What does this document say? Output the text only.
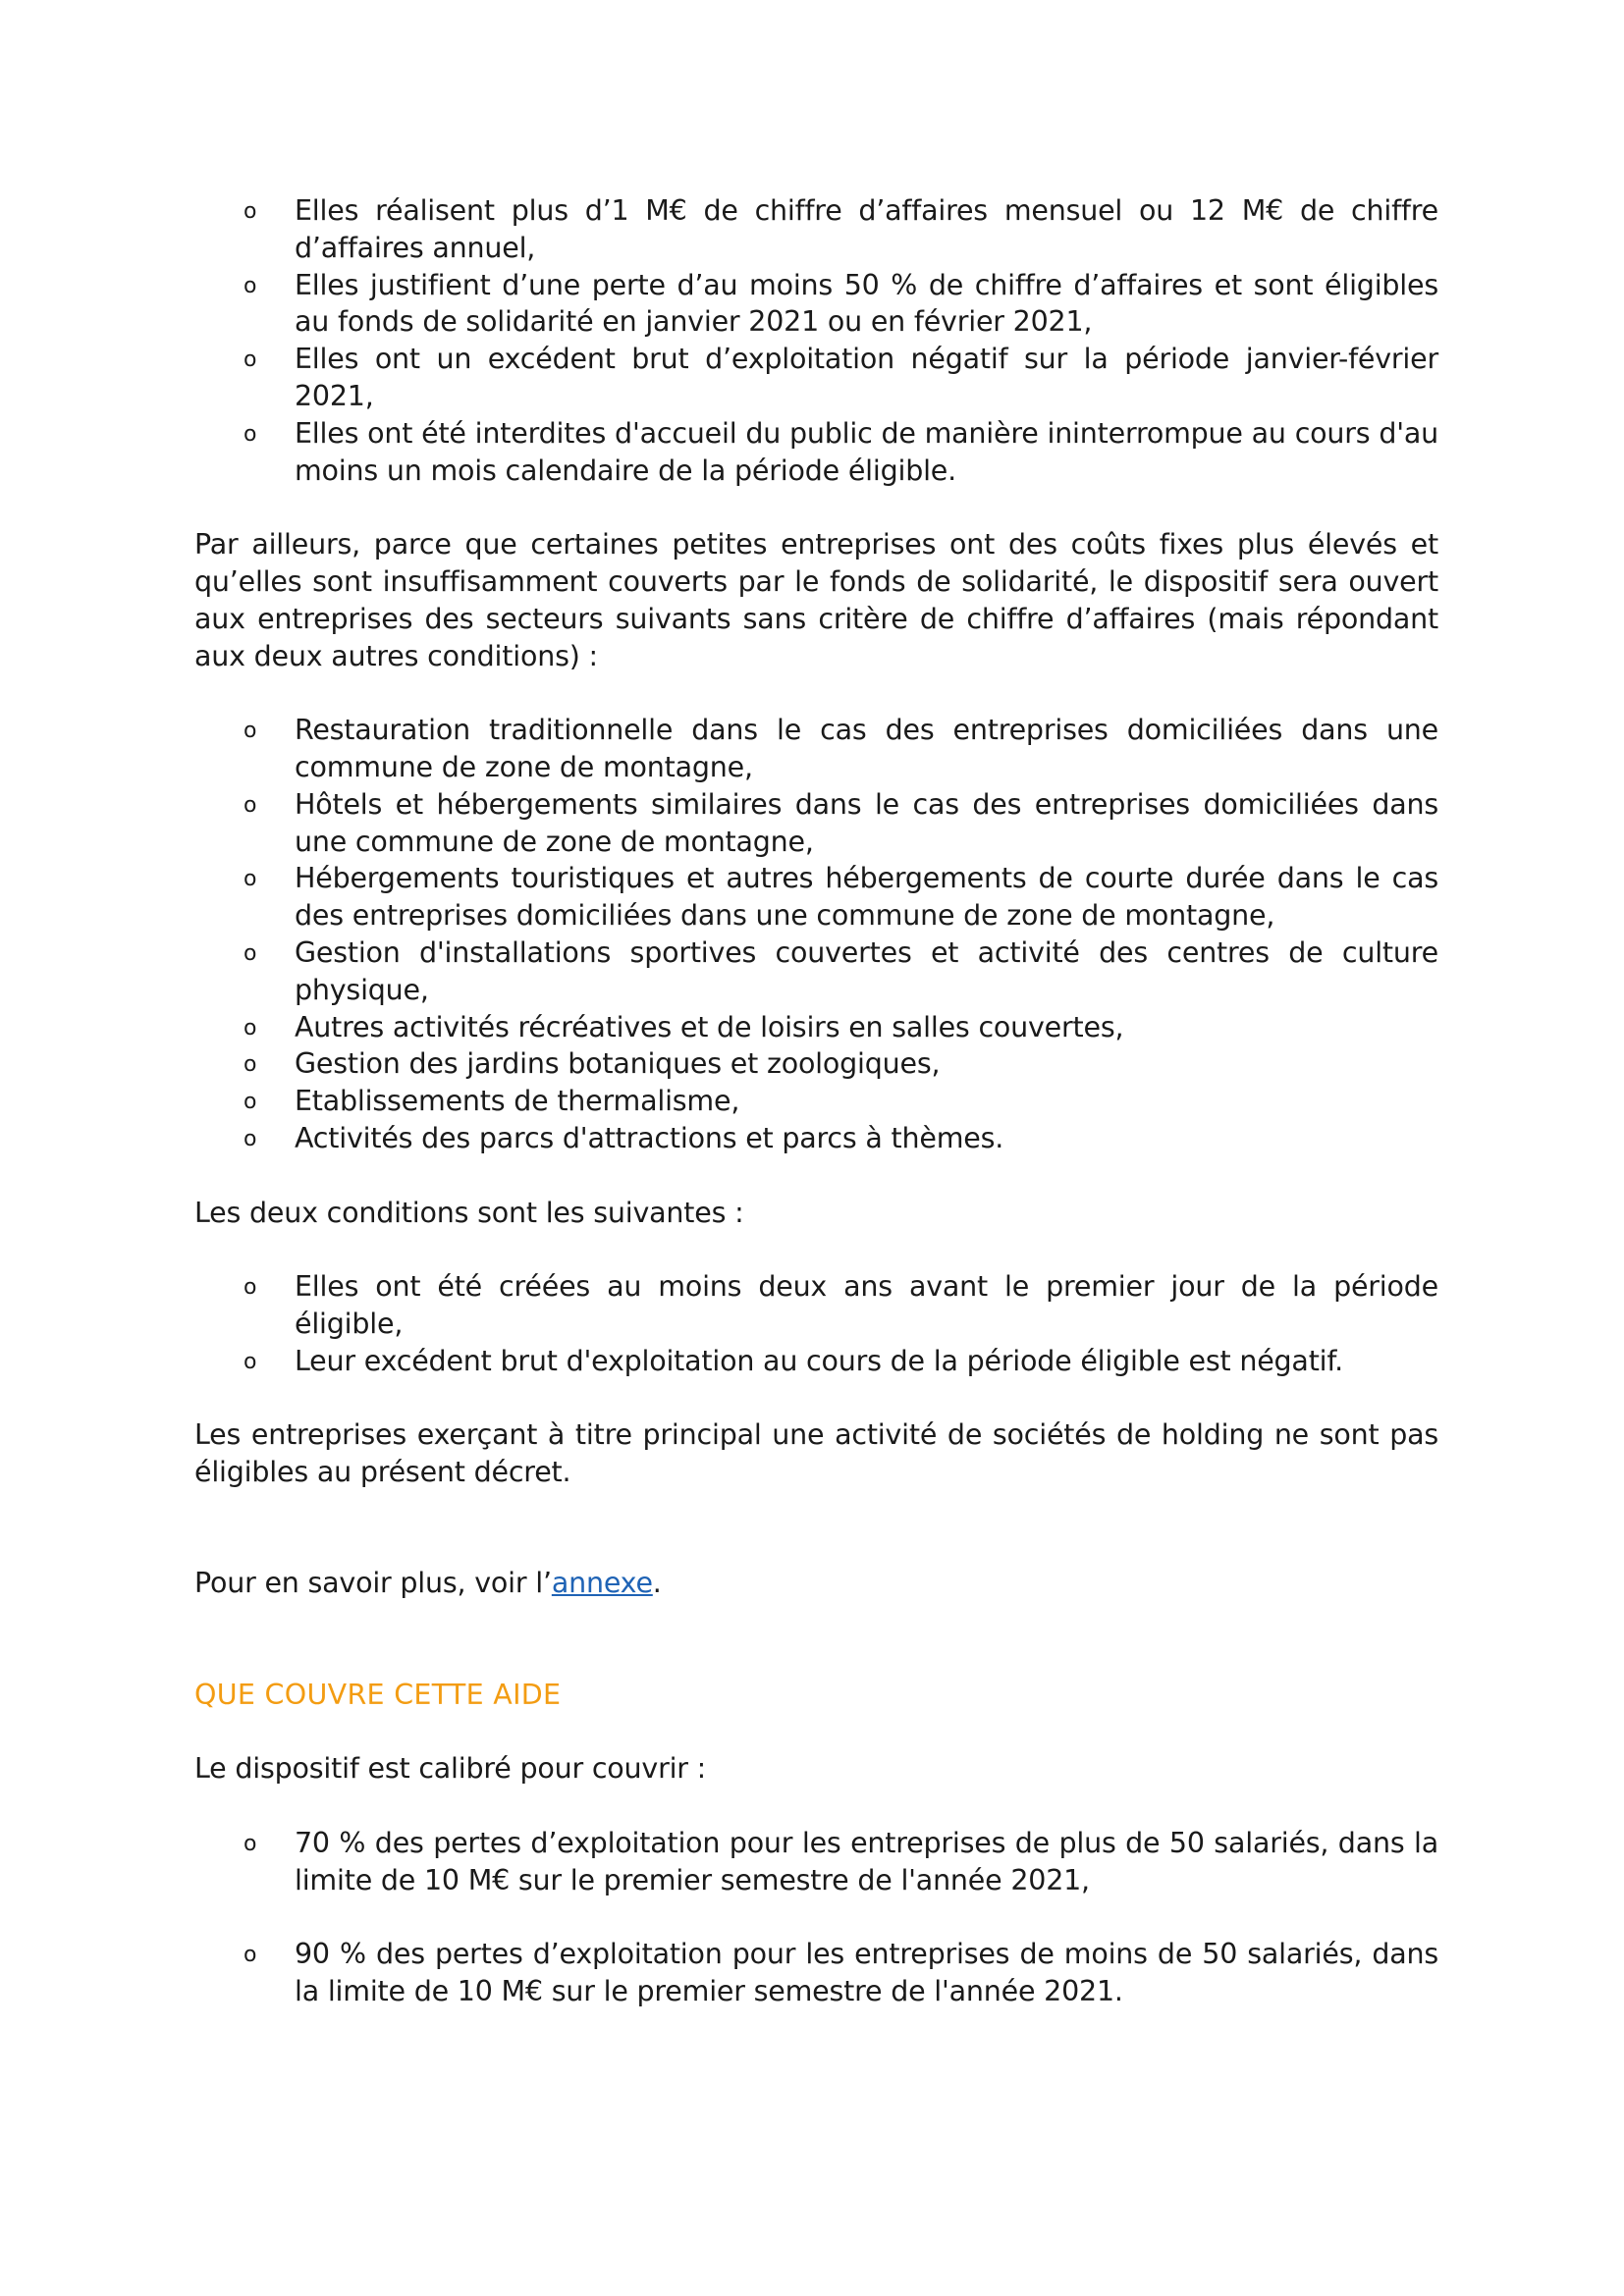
o Elles réalisent plus d’1 M€ de chiffre d’affaires mensuel ou 12 M€ de chiffre d’affaires annuel,
o Elles justifient d’une perte d’au moins 50 % de chiffre d’affaires et sont éligibles au fonds de solidarité en janvier 2021 ou en février 2021,
o Elles ont un excédent brut d’exploitation négatif sur la période janvier-février 2021,
o Elles ont été interdites d'accueil du public de manière ininterrompue au cours d'au moins un mois calendaire de la période éligible.

Par ailleurs, parce que certaines petites entreprises ont des coûts fixes plus élevés et qu’elles sont insuffisamment couverts par le fonds de solidarité, le dispositif sera ouvert aux entreprises des secteurs suivants sans critère de chiffre d’affaires (mais répondant aux deux autres conditions) :

o Restauration traditionnelle dans le cas des entreprises domiciliées dans une commune de zone de montagne,
o Hôtels et hébergements similaires dans le cas des entreprises domiciliées dans une commune de zone de montagne,
o Hébergements touristiques et autres hébergements de courte durée dans le cas des entreprises domiciliées dans une commune de zone de montagne,
o Gestion d'installations sportives couvertes et activité des centres de culture physique,
o Autres activités récréatives et de loisirs en salles couvertes,
o Gestion des jardins botaniques et zoologiques,
o Etablissements de thermalisme,
o Activités des parcs d'attractions et parcs à thèmes.

Les deux conditions sont les suivantes :

o Elles ont été créées au moins deux ans avant le premier jour de la période éligible,
o Leur excédent brut d'exploitation au cours de la période éligible est négatif.

Les entreprises exerçant à titre principal une activité de sociétés de holding ne sont pas éligibles au présent décret.

Pour en savoir plus, voir l’annexe.

QUE COUVRE CETTE AIDE

Le dispositif est calibré pour couvrir :

o 70 % des pertes d’exploitation pour les entreprises de plus de 50 salariés, dans la limite de 10 M€ sur le premier semestre de l'année 2021,
o 90 % des pertes d’exploitation pour les entreprises de moins de 50 salariés, dans la limite de 10 M€ sur le premier semestre de l'année 2021.
